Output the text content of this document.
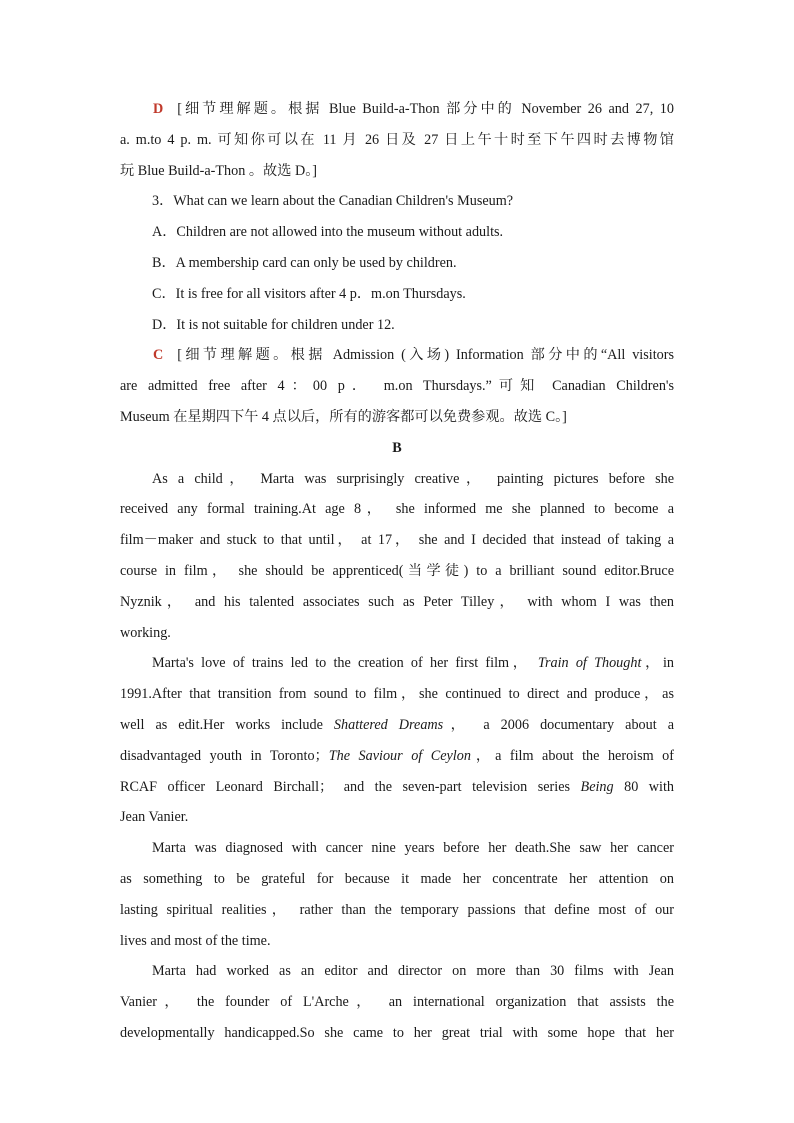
D [细节理解题。根据 Blue Build-a-Thon 部分中的 November 26 and 27, 10
a. m.to 4 p. m. 可知你可以在 11 月 26 日及 27 日上午十时至下午四时去博物馆
玩 Blue Build-a-Thon 。故选 D。]
3．What can we learn about the Canadian Children's Museum?
A．Children are not allowed into the museum without adults.
B．A membership card can only be used by children.
C．It is free for all visitors after 4 p．m.on Thursdays.
D．It is not suitable for children under 12.
C [细节理解题。根据 Admission (入场) Information 部分中的“All visitors
are admitted free after 4：00 p． m.on Thursdays.”可知 Canadian Children's
Museum 在星期四下午 4 点以后，所有的游客都可以免费参观。故选 C。]
B
As a child， Marta was surprisingly creative， painting pictures before she
received any formal training.At age 8， she informed me she planned to become a
film－maker and stuck to that until， at 17， she and I decided that instead of taking a
course in film， she should be apprenticed(当学徒) to a brilliant sound editor.Bruce
Nyznik， and his talented associates such as Peter Tilley， with whom I was then
working.
Marta's love of trains led to the creation of her first film， Train of Thought，in
1991.After that transition from sound to film，she continued to direct and produce，as
well as edit.Her works include Shattered Dreams， a 2006 documentary about a
disadvantaged youth in Toronto；The Saviour of Ceylon，a film about the heroism of
RCAF officer Leonard Birchall； and the seven-part television series Being 80 with
Jean Vanier.
Marta was diagnosed with cancer nine years before her death.She saw her cancer
as something to be grateful for because it made her concentrate her attention on
lasting spiritual realities， rather than the temporary passions that define most of our
lives and most of the time.
Marta had worked as an editor and director on more than 30 films with Jean
Vanier， the founder of L'Arche， an international organization that assists the
developmentally handicapped.So she came to her great trial with some hope that her
